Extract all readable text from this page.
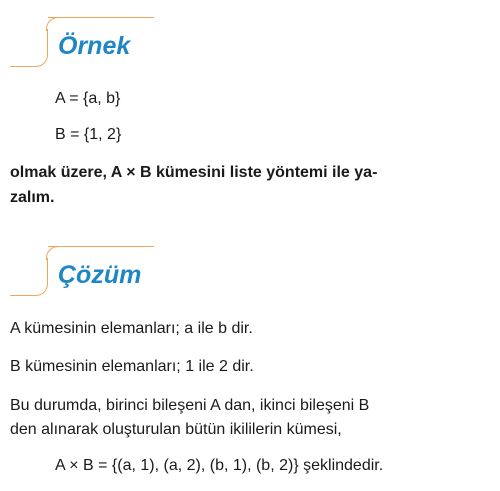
Örnek
A = {a, b}
B = {1, 2}
olmak üzere, A × B kümesini liste yöntemi ile ya-
zalım.
Çözüm
A kümesinin elemanları; a ile b dir.
B kümesinin elemanları; 1 ile 2 dir.
Bu durumda, birinci bileşeni A dan, ikinci bileşeni B
den alınarak oluşturulan bütün ikililerin kümesi,
A × B = {(a, 1), (a, 2), (b, 1), (b, 2)} şeklindedir.
